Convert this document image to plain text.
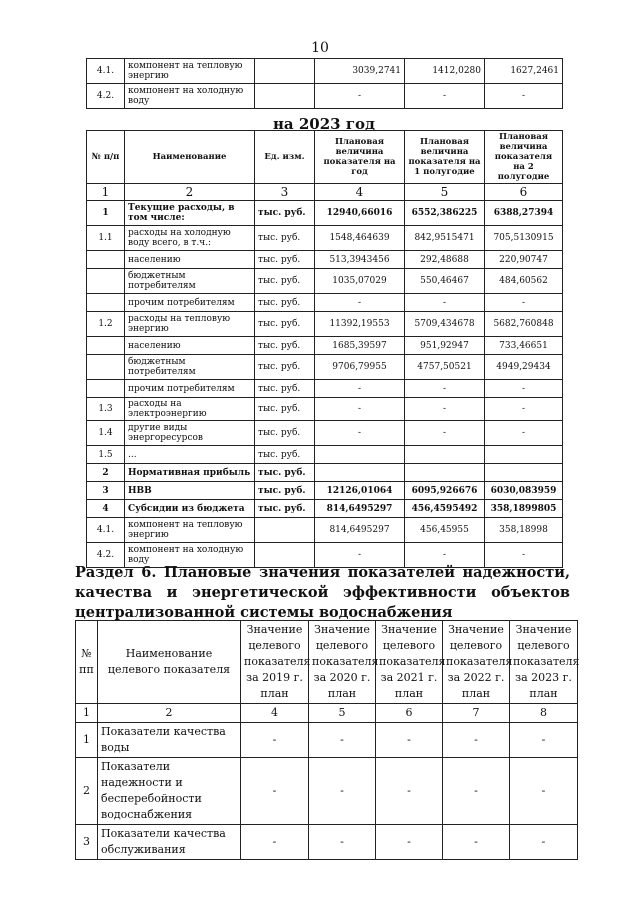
10
4.1.	компонент на тепловую энергию		3039,2741	1412,0280	1627,2461
4.2.	компонент на холодную воду		-	-	-
на 2023 год
№ п/п	Наименование	Ед. изм.	Плановая величина показателя на год	Плановая величина показателя на 1 полугодие	Плановая величина показателя на 2 полугодие
1	2	3	4	5	6
1	Текущие расходы, в том числе:	тыс. руб.	12940,66016	6552,386225	6388,27394
1.1	расходы на холодную воду всего, в т.ч.:	тыс. руб.	1548,464639	842,9515471	705,5130915
	населению	тыс. руб.	513,3943456	292,48688	220,90747
	бюджетным потребителям	тыс. руб.	1035,07029	550,46467	484,60562
	прочим потребителям	тыс. руб.	-	-	-
1.2	расходы на тепловую энергию	тыс. руб.	11392,19553	5709,434678	5682,760848
	населению	тыс. руб.	1685,39597	951,92947	733,46651
	бюджетным потребителям	тыс. руб.	9706,79955	4757,50521	4949,29434
	прочим потребителям	тыс. руб.	-	-	-
1.3	расходы на электроэнергию	тыс. руб.	-	-	-
1.4	другие виды энергоресурсов	тыс. руб.	-	-	-
1.5	...	тыс. руб.			
2	Нормативная прибыль	тыс. руб.			
3	НВВ	тыс. руб.	12126,01064	6095,926676	6030,083959
4	Субсидии из бюджета	тыс. руб.	814,6495297	456,4595492	358,1899805
4.1.	компонент на тепловую энергию		814,6495297	456,45955	358,18998
4.2.	компонент на холодную воду		-	-	-
Раздел 6. Плановые значения показателей надежности, качества и энергетической эффективности объектов централизованной системы водоснабжения
№ пп	Наименование целевого показателя	Значение целевого показателя за 2019 г. план	Значение целевого показателя за 2020 г. план	Значение целевого показателя за 2021 г. план	Значение целевого показателя за 2022 г. план	Значение целевого показателя за 2023 г. план
1	2	4	5	6	7	8
1	Показатели качества воды	-	-	-	-	-
2	Показатели надежности и бесперебойности водоснабжения	-	-	-	-	-
3	Показатели качества обслуживания	-	-	-	-	-
